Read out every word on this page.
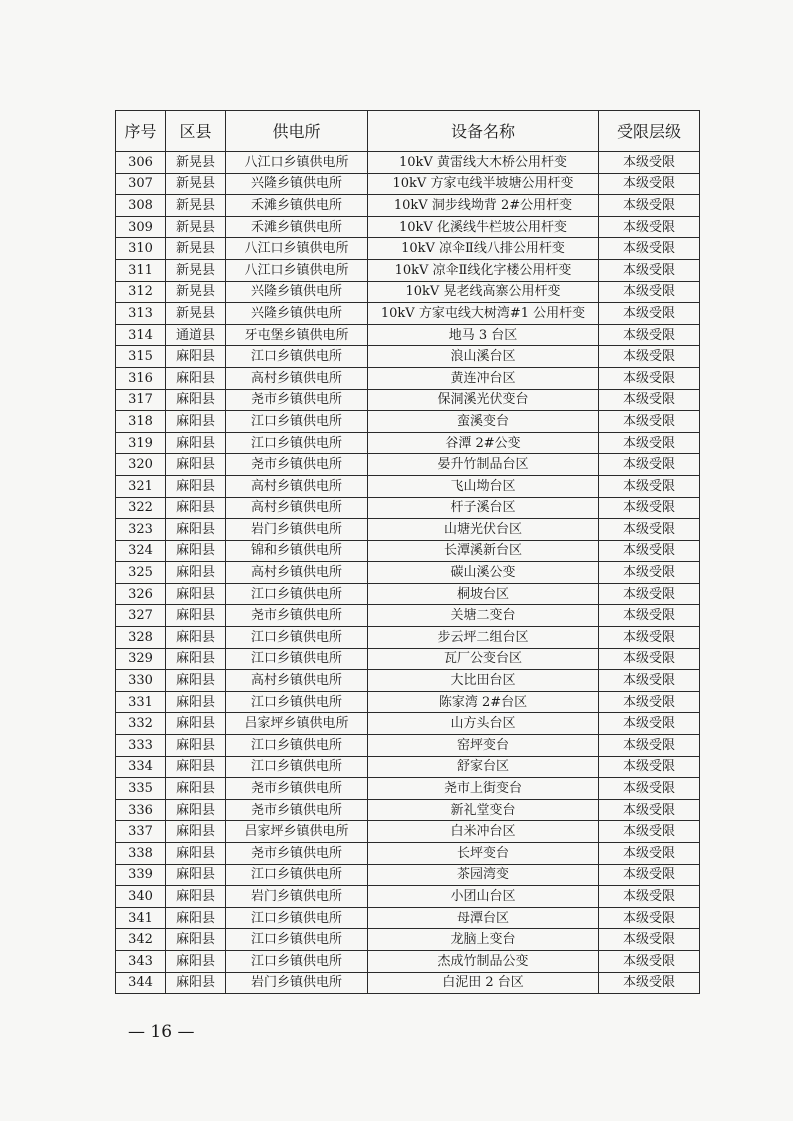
序号	区县	供电所	设备名称	受限层级
306	新晃县	八江口乡镇供电所	10kV 黄雷线大木桥公用杆变	本级受限
307	新晃县	兴隆乡镇供电所	10kV 方家屯线半坡塘公用杆变	本级受限
308	新晃县	禾滩乡镇供电所	10kV 洞步线坳背 2#公用杆变	本级受限
309	新晃县	禾滩乡镇供电所	10kV 化溪线牛栏坡公用杆变	本级受限
310	新晃县	八江口乡镇供电所	10kV 凉伞Ⅱ线八排公用杆变	本级受限
311	新晃县	八江口乡镇供电所	10kV 凉伞Ⅱ线化字楼公用杆变	本级受限
312	新晃县	兴隆乡镇供电所	10kV 晃老线高寨公用杆变	本级受限
313	新晃县	兴隆乡镇供电所	10kV 方家屯线大树湾#1 公用杆变	本级受限
314	通道县	牙屯堡乡镇供电所	地马 3 台区	本级受限
315	麻阳县	江口乡镇供电所	浪山溪台区	本级受限
316	麻阳县	高村乡镇供电所	黄连冲台区	本级受限
317	麻阳县	尧市乡镇供电所	保洞溪光伏变台	本级受限
318	麻阳县	江口乡镇供电所	蛮溪变台	本级受限
319	麻阳县	江口乡镇供电所	谷潭 2#公变	本级受限
320	麻阳县	尧市乡镇供电所	晏升竹制品台区	本级受限
321	麻阳县	高村乡镇供电所	飞山坳台区	本级受限
322	麻阳县	高村乡镇供电所	杆子溪台区	本级受限
323	麻阳县	岩门乡镇供电所	山塘光伏台区	本级受限
324	麻阳县	锦和乡镇供电所	长潭溪新台区	本级受限
325	麻阳县	高村乡镇供电所	碳山溪公变	本级受限
326	麻阳县	江口乡镇供电所	桐坡台区	本级受限
327	麻阳县	尧市乡镇供电所	关塘二变台	本级受限
328	麻阳县	江口乡镇供电所	步云坪二组台区	本级受限
329	麻阳县	江口乡镇供电所	瓦厂公变台区	本级受限
330	麻阳县	高村乡镇供电所	大比田台区	本级受限
331	麻阳县	江口乡镇供电所	陈家湾 2#台区	本级受限
332	麻阳县	吕家坪乡镇供电所	山方头台区	本级受限
333	麻阳县	江口乡镇供电所	窑坪变台	本级受限
334	麻阳县	江口乡镇供电所	舒家台区	本级受限
335	麻阳县	尧市乡镇供电所	尧市上街变台	本级受限
336	麻阳县	尧市乡镇供电所	新礼堂变台	本级受限
337	麻阳县	吕家坪乡镇供电所	白米冲台区	本级受限
338	麻阳县	尧市乡镇供电所	长坪变台	本级受限
339	麻阳县	江口乡镇供电所	茶园湾变	本级受限
340	麻阳县	岩门乡镇供电所	小团山台区	本级受限
341	麻阳县	江口乡镇供电所	母潭台区	本级受限
342	麻阳县	江口乡镇供电所	龙脑上变台	本级受限
343	麻阳县	江口乡镇供电所	杰成竹制品公变	本级受限
344	麻阳县	岩门乡镇供电所	白泥田 2 台区	本级受限
— 16 —
